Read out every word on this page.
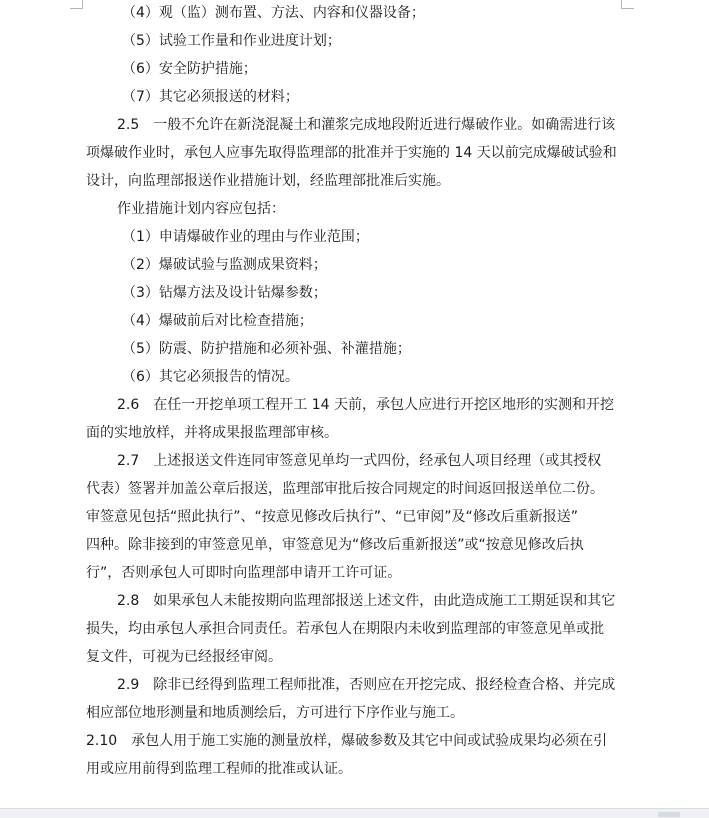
（4）观（监）测布置、方法、内容和仪器设备；
（5）试验工作量和作业进度计划；
（6）安全防护措施；
（7）其它必须报送的材料；
2.5　一般不允许在新浇混凝土和灌浆完成地段附近进行爆破作业。如确需进行该
项爆破作业时，承包人应事先取得监理部的批准并于实施的 14 天以前完成爆破试验和
设计，向监理部报送作业措施计划，经监理部批准后实施。
作业措施计划内容应包括：
（1）申请爆破作业的理由与作业范围；
（2）爆破试验与监测成果资料；
（3）钻爆方法及设计钻爆参数；
（4）爆破前后对比检查措施；
（5）防震、防护措施和必须补强、补灌措施；
（6）其它必须报告的情况。
2.6　在任一开挖单项工程开工 14 天前，承包人应进行开挖区地形的实测和开挖
面的实地放样，并将成果报监理部审核。
2.7　上述报送文件连同审签意见单均一式四份，经承包人项目经理（或其授权
代表）签署并加盖公章后报送，监理部审批后按合同规定的时间返回报送单位二份。
审签意见包括“照此执行”、“按意见修改后执行”、“已审阅”及“修改后重新报送”
四种。除非接到的审签意见单，审签意见为“修改后重新报送”或“按意见修改后执
行”，否则承包人可即时向监理部申请开工许可证。
2.8　如果承包人未能按期向监理部报送上述文件，由此造成施工工期延误和其它
损失，均由承包人承担合同责任。若承包人在期限内未收到监理部的审签意见单或批
复文件，可视为已经报经审阅。
2.9　除非已经得到监理工程师批准，否则应在开挖完成、报经检查合格、并完成
相应部位地形测量和地质测绘后，方可进行下序作业与施工。
2.10　承包人用于施工实施的测量放样，爆破参数及其它中间或试验成果均必须在引
用或应用前得到监理工程师的批准或认证。
